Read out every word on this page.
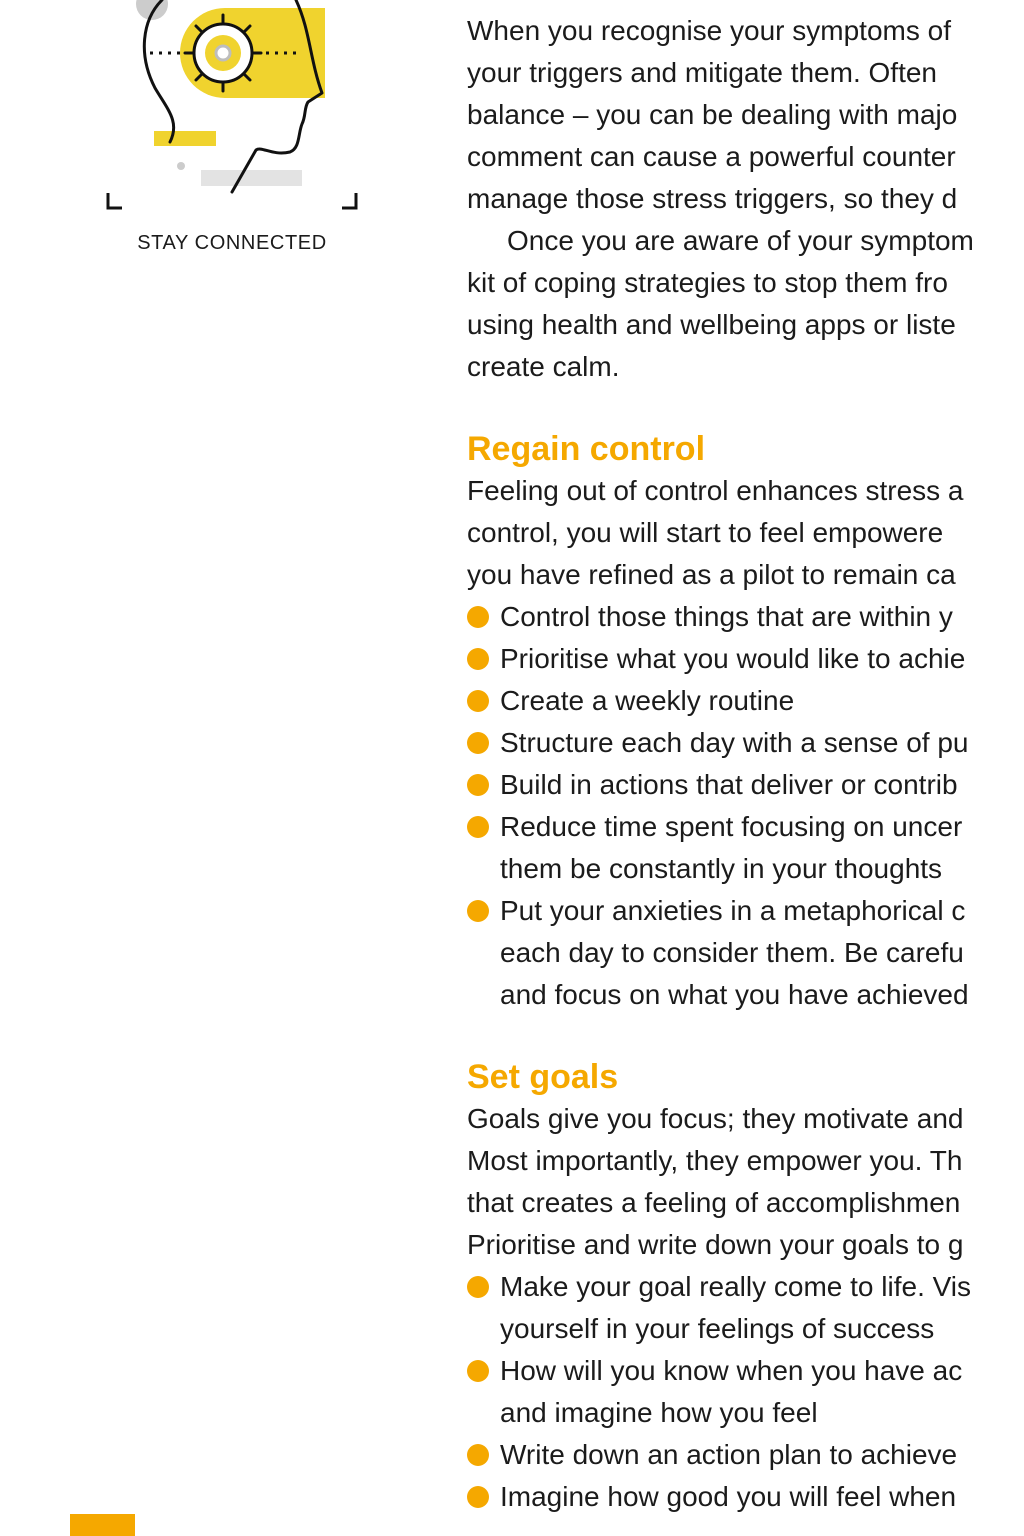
STAY CONNECTED
When you recognise your symptoms of
your triggers and mitigate them. Often
balance – you can be dealing with majo
comment can cause a powerful counter
manage those stress triggers, so they d
Once you are aware of your symptom
kit of coping strategies to stop them fro
using health and wellbeing apps or liste
create calm.
Regain control
Feeling out of control enhances stress a
control, you will start to feel empowere
you have refined as a pilot to remain ca
Control those things that are within y
Prioritise what you would like to achie
Create a weekly routine
Structure each day with a sense of pu
Build in actions that deliver or contrib
Reduce time spent focusing on uncer
them be constantly in your thoughts
Put your anxieties in a metaphorical c
each day to consider them. Be carefu
and focus on what you have achieved
Set goals
Goals give you focus; they motivate and
Most importantly, they empower you. Th
that creates a feeling of accomplishmen
Prioritise and write down your goals to g
Make your goal really come to life. Vis
yourself in your feelings of success
How will you know when you have ac
and imagine how you feel
Write down an action plan to achieve
Imagine how good you will feel when
